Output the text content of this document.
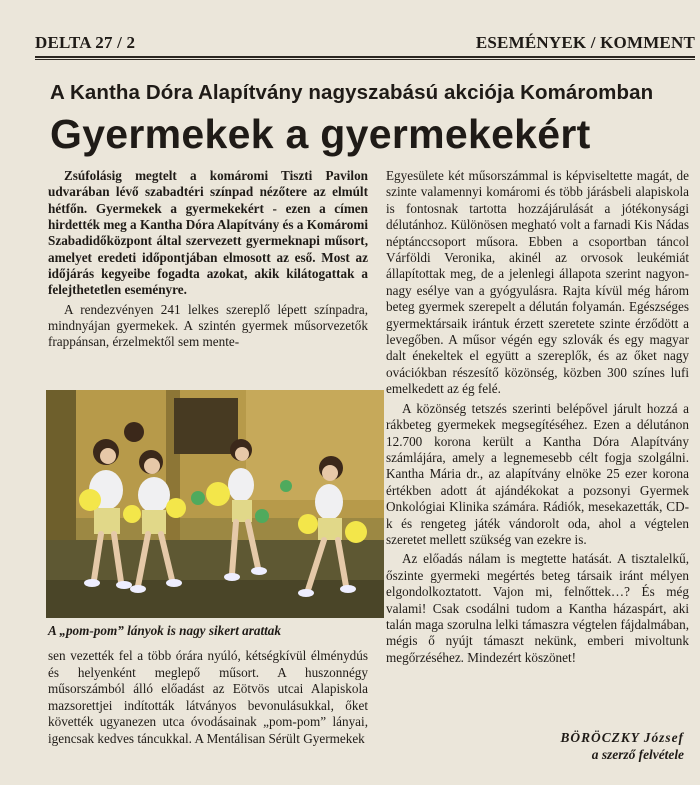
DELTA 27 / 2	ESEMÉNYEK / KOMMENT
A Kantha Dóra Alapítvány nagyszabású akciója Komáromban
Gyermekek a gyermekekért

Zsúfolásig megtelt a komáromi Tiszti Pavilon udvarában lévő szabadtéri színpad nézőtere az elmúlt hétfőn. Gyermekek a gyermekekért - ezen a címen hirdették meg a Kantha Dóra Alapítvány és a Komáromi Szabadidőközpont által szervezett gyermeknapi műsort, amelyet eredeti időpontjában elmosott az eső. Most az időjárás kegyeibe fogadta azokat, akik kilátogattak a felejthetetlen eseményre.

A rendezvényen 241 lelkes szereplő lépett színpadra, mindnyájan gyermekek. A szintén gyermek műsorvezetők frappánsan, érzelmektől sem mente-

A „pom-pom” lányok is nagy sikert arattak

sen vezették fel a több órára nyúló, kétségkívül élménydús és helyenként meglepő műsort. A huszonnégy műsorszámból álló előadást az Eötvös utcai Alapiskola mazsorettjei indították látványos bevonulásukkal, őket követték ugyanezen utca óvodásainak „pom-pom” lányai, igencsak kedves táncukkal. A Mentálisan Sérült Gyermekek

Egyesülete két műsorszámmal is képviseltette magát, de szinte valamennyi komáromi és több járásbeli alapiskola is fontosnak tartotta hozzájárulását a jótékonysági délutánhoz. Különösen megható volt a farnadi Kis Nádas néptánccsoport műsora. Ebben a csoportban táncol Várföldi Veronika, akinél az orvosok leukémiát állapítottak meg, de a jelenlegi állapota szerint nagyon-nagy esélye van a gyógyulásra. Rajta kívül még három beteg gyermek szerepelt a délután folyamán. Egészséges gyermektársaik irántuk érzett szeretete szinte érződött a levegőben. A műsor végén egy szlovák és egy magyar dalt énekeltek el együtt a szereplők, és az őket nagy ovációkban részesítő közönség, közben 300 színes lufi emelkedett az ég felé.

A közönség tetszés szerinti belépővel járult hozzá a rákbeteg gyermekek megsegítéséhez. Ezen a délutánon 12.700 korona került a Kantha Dóra Alapítvány számlájára, amely a legnemesebb célt fogja szolgálni. Kantha Mária dr., az alapítvány elnöke 25 ezer korona értékben adott át ajándékokat a pozsonyi Gyermek Onkológiai Klinika számára. Rádiók, mesekazetták, CD-k és rengeteg játék vándorolt oda, ahol a végtelen szeretet mellett szükség van ezekre is.

Az előadás nálam is megtette hatását. A tisztalelkű, őszinte gyermeki megértés beteg társaik iránt mélyen elgondolkoztatott. Vajon mi, felnőttek…? És még valami! Csak csodálni tudom a Kantha házaspárt, aki talán maga szorulna lelki támaszra végtelen fájdalmában, mégis ő nyújt támaszt nekünk, emberi mivoltunk megőrzéséhez. Mindezért köszönet!

BÖRÖCZKY József
a szerző felvétele
